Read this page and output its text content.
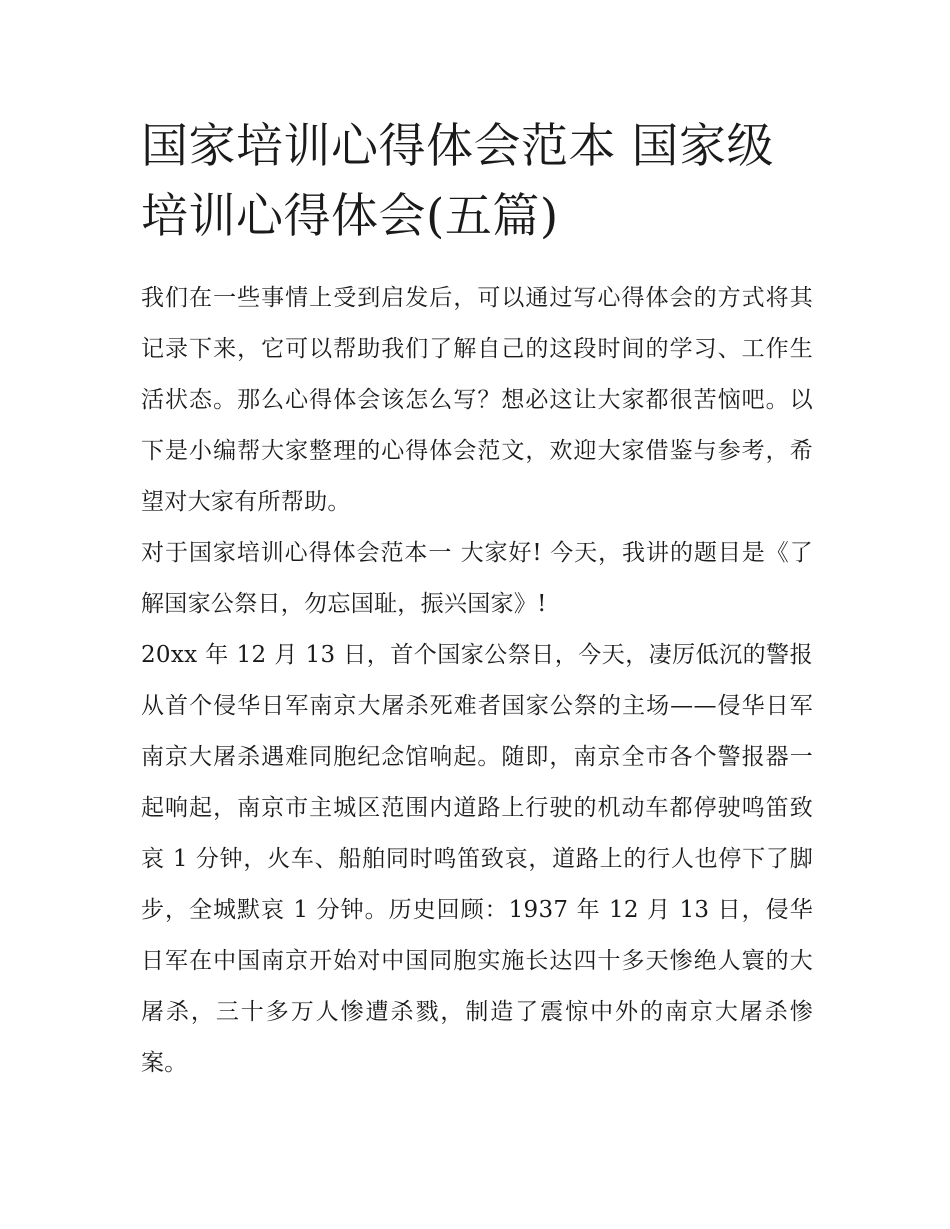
国家培训心得体会范本 国家级培训心得体会(五篇)

我们在一些事情上受到启发后，可以通过写心得体会的方式将其记录下来，它可以帮助我们了解自己的这段时间的学习、工作生活状态。那么心得体会该怎么写？想必这让大家都很苦恼吧。以下是小编帮大家整理的心得体会范文，欢迎大家借鉴与参考，希望对大家有所帮助。

对于国家培训心得体会范本一 大家好! 今天，我讲的题目是《了解国家公祭日，勿忘国耻，振兴国家》!

20xx 年 12 月 13 日，首个国家公祭日，今天，凄厉低沉的警报从首个侵华日军南京大屠杀死难者国家公祭的主场——侵华日军南京大屠杀遇难同胞纪念馆响起。随即，南京全市各个警报器一起响起，南京市主城区范围内道路上行驶的机动车都停驶鸣笛致哀 1 分钟，火车、船舶同时鸣笛致哀，道路上的行人也停下了脚步，全城默哀 1 分钟。历史回顾：1937 年 12 月 13 日，侵华日军在中国南京开始对中国同胞实施长达四十多天惨绝人寰的大屠杀，三十多万人惨遭杀戮，制造了震惊中外的南京大屠杀惨案。
